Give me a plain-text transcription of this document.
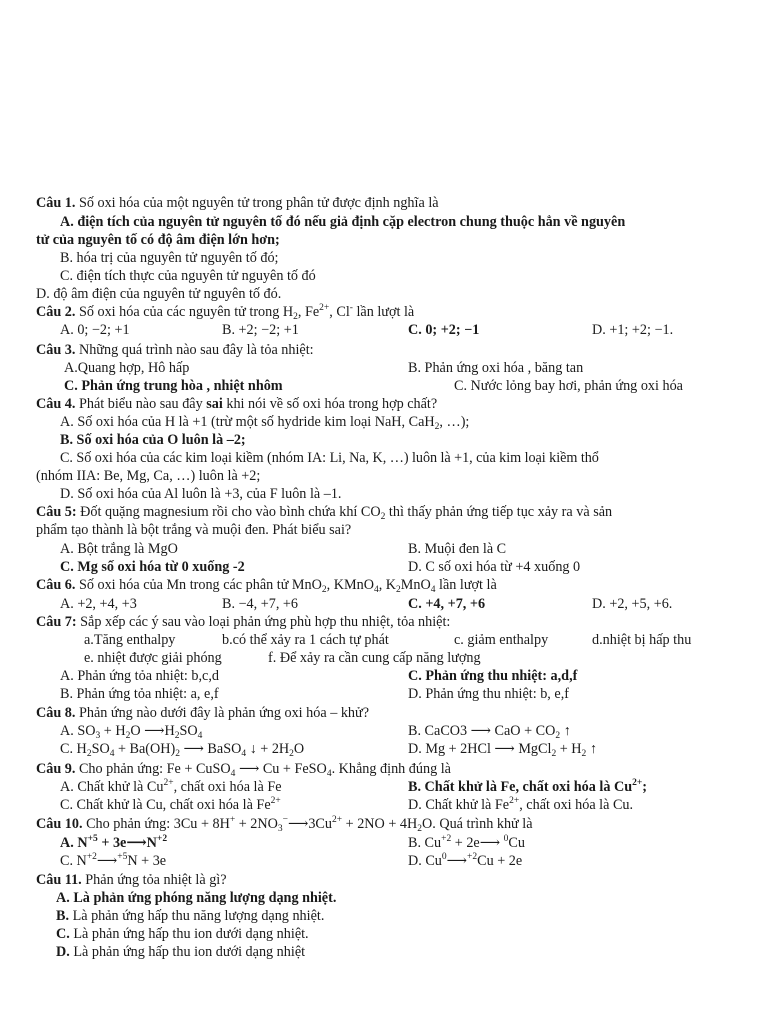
Câu 1. Số oxi hóa của một nguyên tử trong phân tử được định nghĩa là
A. điện tích của nguyên tử nguyên tố đó nếu giả định cặp electron chung thuộc hẳn về nguyên
tử của nguyên tố có độ âm điện lớn hơn;
B. hóa trị của nguyên tử nguyên tố đó;
C. điện tích thực của nguyên tử nguyên tố đó
D. độ âm điện của nguyên tử nguyên tố đó.
Câu 2. Số oxi hóa của các nguyên tử trong $H_2$, $Fe^{2+}$, Cl- lần lượt là
A. 0; −2; +1	B. +2; −2; +1	C. 0; +2; −1	D. +1; +2; −1.
Câu 3. Những quá trình nào sau đây là tỏa nhiệt:
A.Quang hợp, Hô hấp	B. Phản ứng oxi hóa , băng tan
C. Phản ứng trung hòa , nhiệt nhôm	C. Nước lỏng bay hơi, phản ứng oxi hóa
Câu 4. Phát biểu nào sau đây sai khi nói về số oxi hóa trong hợp chất?
A. Số oxi hóa của H là +1 (trừ một số hydride kim loại NaH, CaH$_2$, …);
B. Số oxi hóa của O luôn là –2;
C. Số oxi hóa của các kim loại kiềm (nhóm IA: Li, Na, K, …) luôn là +1, của kim loại kiềm thổ
(nhóm IIA: Be, Mg, Ca, …) luôn là +2;
D. Số oxi hóa của Al luôn là +3, của F luôn là –1.
Câu 5: Đốt quặng magnesium rồi cho vào bình chứa khí $CO_2$ thì thấy phản ứng tiếp tục xảy ra và sản
phẩm tạo thành là bột trắng và muội đen. Phát biểu sai?
A. Bột trắng là MgO	B. Muội đen là C
C. Mg số oxi hóa từ 0 xuống -2	D. C số oxi hóa từ +4 xuống 0
Câu 6. Số oxi hóa của Mn trong các phân tử MnO$_2$, KMnO$_4$, $K_2MnO_4$ lần lượt là
A. +2, +4, +3	B. −4, +7, +6	C. +4, +7, +6	D. +2, +5, +6.
Câu 7: Sắp xếp các ý sau vào loại phản ứng phù hợp thu nhiệt, tỏa nhiệt:
a.Tăng enthalpy	b.có thể xảy ra 1 cách tự phát	c. giảm enthalpy	d.nhiệt bị hấp thu
e. nhiệt được giải phóng	f. Để xảy ra cần cung cấp năng lượng
A. Phản ứng tỏa nhiệt: b,c,d	C. Phản ứng thu nhiệt: a,d,f
B. Phản ứng tỏa nhiệt: a, e,f	D. Phản ứng thu nhiệt: b, e,f
Câu 8. Phản ứng nào dưới đây là phản ứng oxi hóa – khử?
A. $SO_3 + H_2O$ $⟶H_2SO_4$	B. CaCO3 ⟶ CaO + $CO_2$ ↑
C. $H_2SO_4 + Ba(OH)_2$ ⟶ BaSO$_4$ ↓ + $2H_2O$	D. Mg + 2HCl ⟶ MgCl$_2$ + $H_2$ ↑
Câu 9. Cho phản ứng: Fe + CuSO$_4$ ⟶ Cu + FeSO$_4$. Khẳng định đúng là
A. Chất khử là $Cu^{2+}$, chất oxi hóa là Fe	B. Chất khử là Fe, chất oxi hóa là $Cu^{2+}$;
C. Chất khử là Cu, chất oxi hóa là $Fe^{2+}$	D. Chất khử là $Fe^{2+}$, chất oxi hóa là Cu.
Câu 10. Cho phản ứng: $3Cu + 8H^+ + 2NO_3^-⟶3Cu^{2+} + 2NO + 4H_2O$. Quá trình khử là
A. $N^{+5}$ + $3e⟶N^{+2}$	B. $Cu^{+2}$ + 2e⟶ $^0$Cu
C. $N^{+2}⟶^{+5}N + 3e$	D. $Cu^0⟶^{+2}Cu + 2e$
Câu 11. Phản ứng tỏa nhiệt là gì?
A. Là phản ứng phóng năng lượng dạng nhiệt.
B. Là phản ứng hấp thu năng lượng dạng nhiệt.
C. Là phản ứng hấp thu ion dưới dạng nhiệt.
D. Là phản ứng hấp thu ion dưới dạng nhiệt
